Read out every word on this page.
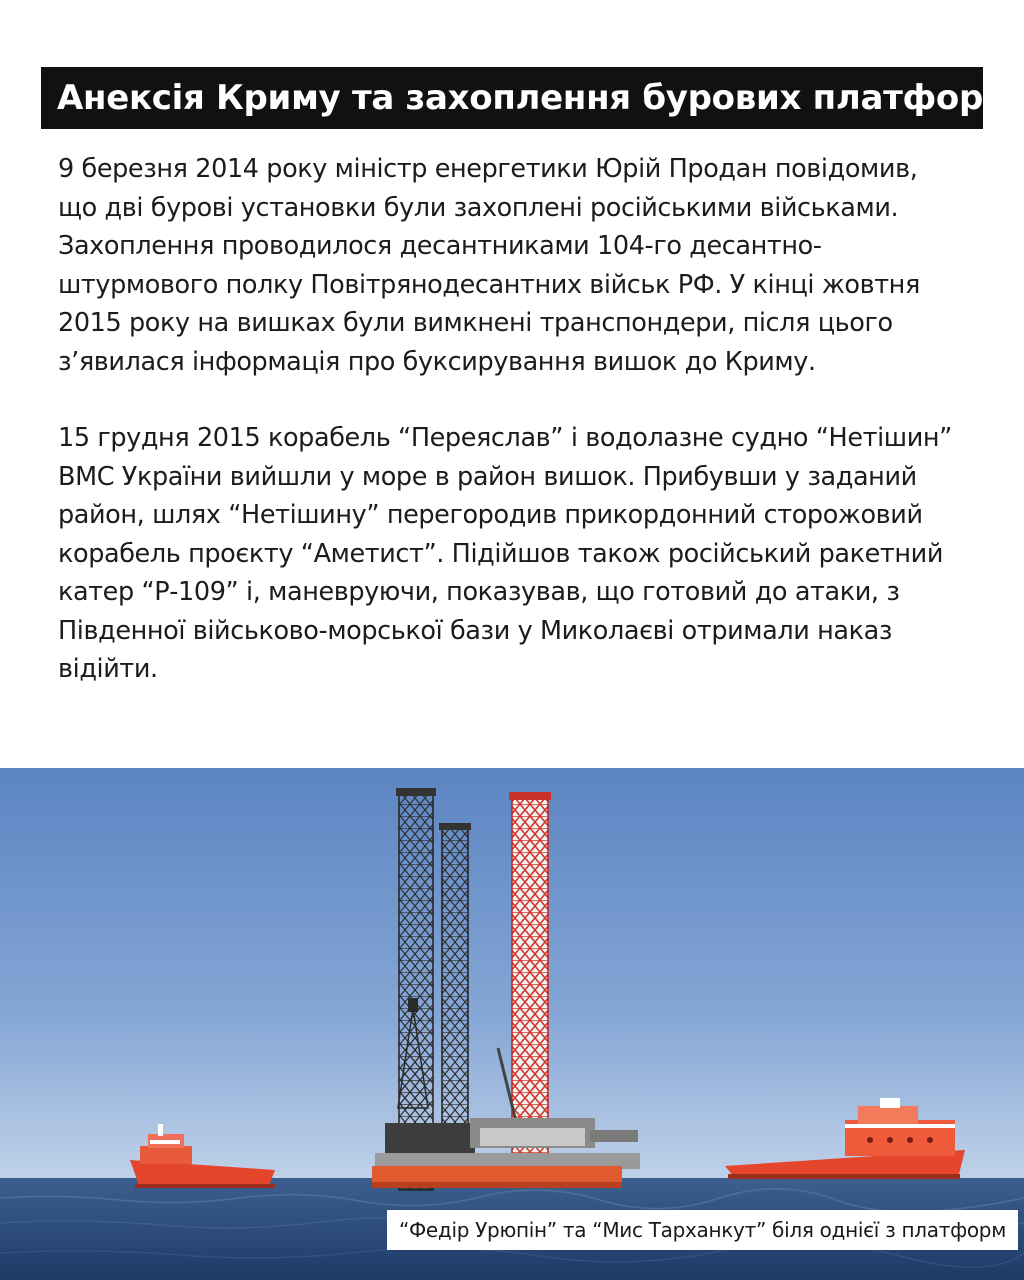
Анексія Криму та захоплення бурових платформ

9 березня 2014 року міністр енергетики Юрій Продан повідомив,
що дві бурові установки були захоплені російськими військами.
Захоплення проводилося десантниками 104-го десантно-
штурмового полку Повітрянодесантних військ РФ. У кінці жовтня
2015 року на вишках були вимкнені транспондери, після цього
з’явилася інформація про буксирування вишок до Криму.

15 грудня 2015 корабель “Переяслав” і водолазне судно “Нетішин”
ВМС України вийшли у море в район вишок. Прибувши у заданий
район, шлях “Нетішину” перегородив прикордонний сторожовий
корабель проєкту “Аметист”. Підійшов також російський ракетний
катер “Р-109” і, маневруючи, показував, що готовий до атаки, з
Південної військово-морської бази у Миколаєві отримали наказ
відійти.

“Федір Урюпін” та “Мис Тарханкут” біля однієї з платформ
